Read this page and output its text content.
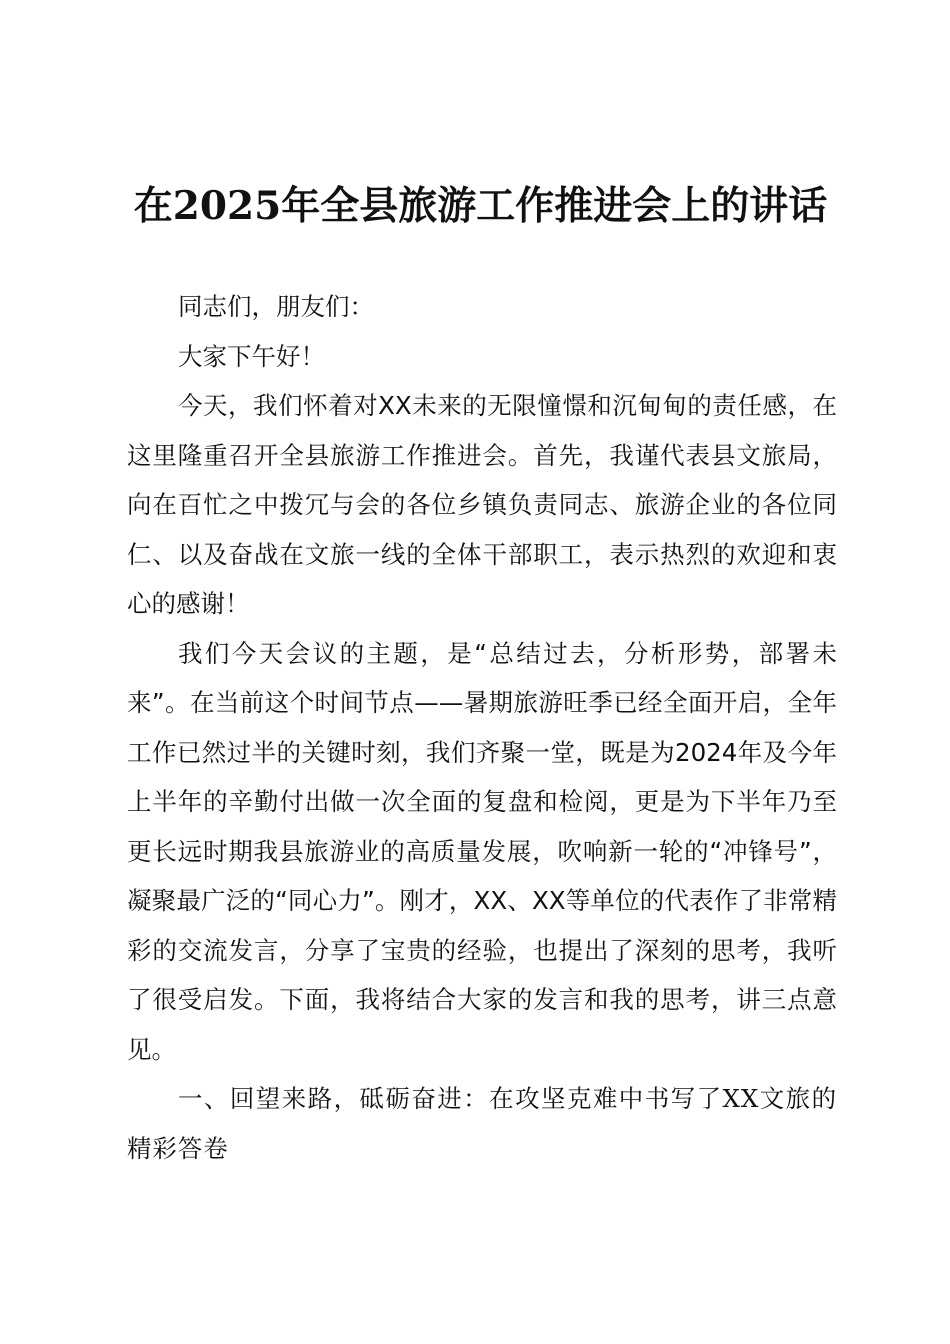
在2025年全县旅游工作推进会上的讲话

同志们，朋友们：

大家下午好！

今天，我们怀着对XX未来的无限憧憬和沉甸甸的责任感，在这里隆重召开全县旅游工作推进会。首先，我谨代表县文旅局，向在百忙之中拨冗与会的各位乡镇负责同志、旅游企业的各位同仁、以及奋战在文旅一线的全体干部职工，表示热烈的欢迎和衷心的感谢！

我们今天会议的主题，是“总结过去，分析形势，部署未来”。在当前这个时间节点——暑期旅游旺季已经全面开启，全年工作已然过半的关键时刻，我们齐聚一堂，既是为2024年及今年上半年的辛勤付出做一次全面的复盘和检阅，更是为下半年乃至更长远时期我县旅游业的高质量发展，吹响新一轮的“冲锋号”，凝聚最广泛的“同心力”。刚才，XX、XX等单位的代表作了非常精彩的交流发言，分享了宝贵的经验，也提出了深刻的思考，我听了很受启发。下面，我将结合大家的发言和我的思考，讲三点意见。

一、回望来路，砥砺奋进：在攻坚克难中书写了XX文旅的精彩答卷
